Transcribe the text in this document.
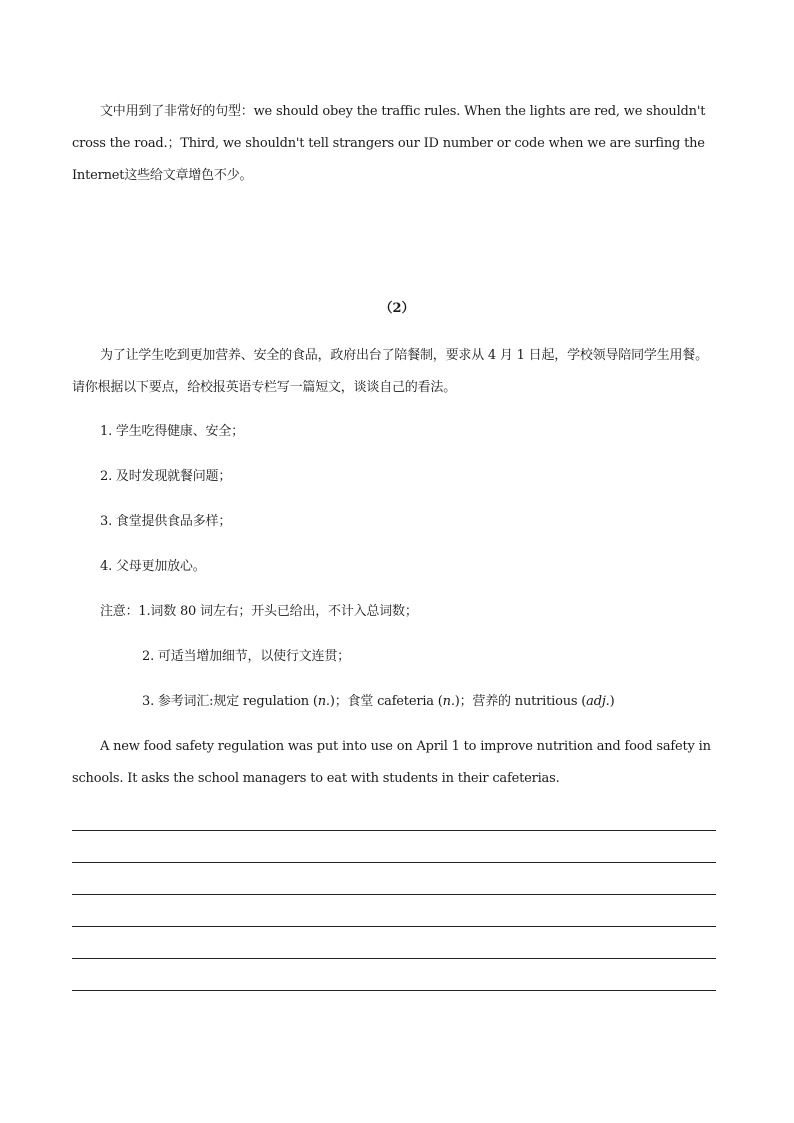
文中用到了非常好的句型：we should obey the traffic rules. When the lights are red, we shouldn't cross the road.；Third, we shouldn't tell strangers our ID number or code when we are surfing the Internet这些给文章增色不少。

（2）

为了让学生吃到更加营养、安全的食品，政府出台了陪餐制，要求从 4 月 1 日起，学校领导陪同学生用餐。请你根据以下要点，给校报英语专栏写一篇短文，谈谈自己的看法。

1. 学生吃得健康、安全；

2. 及时发现就餐问题；

3. 食堂提供食品多样；

4. 父母更加放心。

注意：1.词数 80 词左右；开头已给出，不计入总词数；

2. 可适当增加细节，以使行文连贯；

3. 参考词汇:规定 regulation (n.)；食堂 cafeteria (n.)；营养的 nutritious (adj.)

A new food safety regulation was put into use on April 1 to improve nutrition and food safety in schools. It asks the school managers to eat with students in their cafeterias.
